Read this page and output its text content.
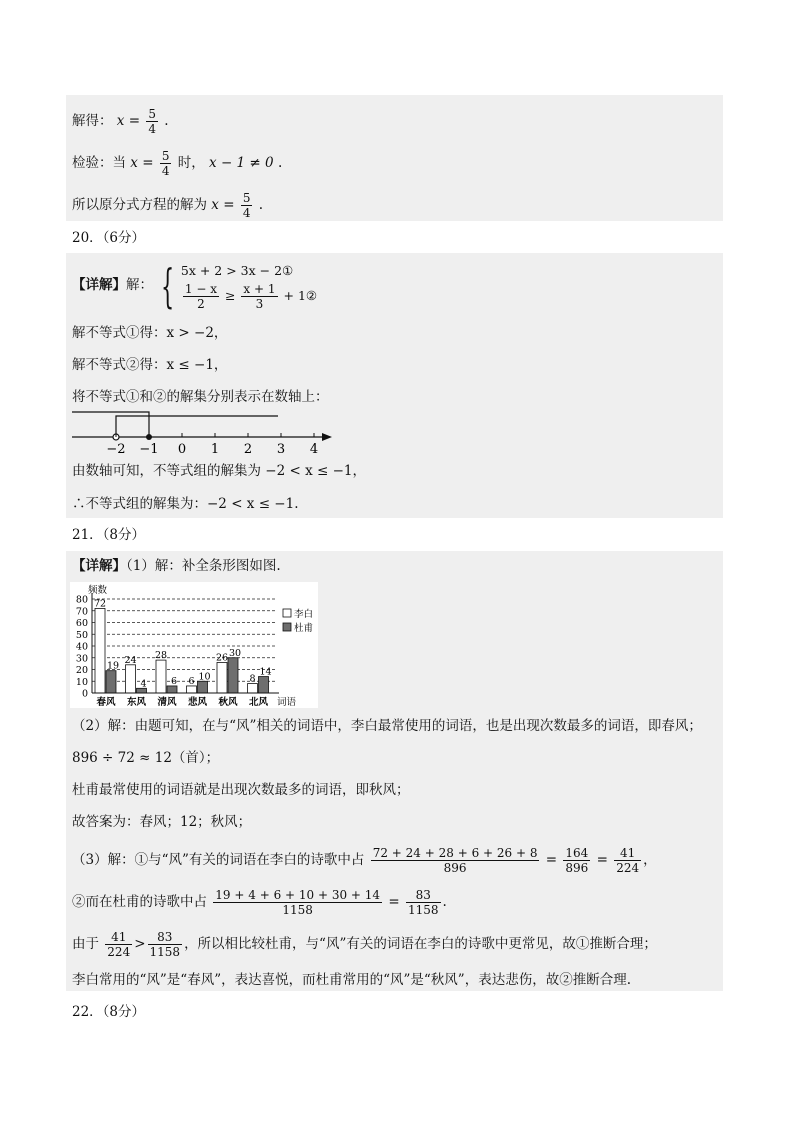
解得： $x = \frac{5}{4}$ .
检验：当 $x = \frac{5}{4}$ 时， x − 1 ≠ 0 .
所以原分式方程的解为 $x = \frac{5}{4}$ .
20．（6分）
【详解】解： { 5x + 2 > 3x − 2①
$\frac{1 - x}{2} \ge \frac{x + 1}{3}$ + 1②
解不等式①得：x > −2，
解不等式②得：x ≤ −1，
将不等式①和②的解集分别表示在数轴上：
−2 −1 0 1 2 3 4
由数轴可知，不等式组的解集为 −2 < x ≤ −1，
∴不等式组的解集为：−2 < x ≤ −1.
21．（8分）
【详解】（1）解：补全条形图如图.
0
10
20
30
40
50
60
70
80
频数
词语
72
19
春风
24
4
东风
28
6
清风
6 10
悲风
26 30
秋风
8
14
北风
李白
杜甫
（2）解：由题可知，在与“风”相关的词语中，李白最常使用的词语，也是出现次数最多的词语，即春风；
896 ÷ 72 ≈ 12（首）；
杜甫最常使用的词语就是出现次数最多的词语，即秋风；
故答案为：春风；12；秋风；
（3）解：①与“风”有关的词语在李白的诗歌中占 $\frac{72 + 24 + 28 + 6 + 26 + 8}{896} = \frac{164}{896} = \frac{41}{224}$ ，
②而在杜甫的诗歌中占 $\frac{19 + 4 + 6 + 10 + 30 + 14}{1158} = \frac{83}{1158}$ .
由于 $\frac{41}{224} > \frac{83}{1158}$ ，所以相比较杜甫，与“风”有关的词语在李白的诗歌中更常见，故①推断合理；
李白常用的“风”是“春风”，表达喜悦，而杜甫常用的“风”是“秋风”，表达悲伤，故②推断合理.
22．（8分）
